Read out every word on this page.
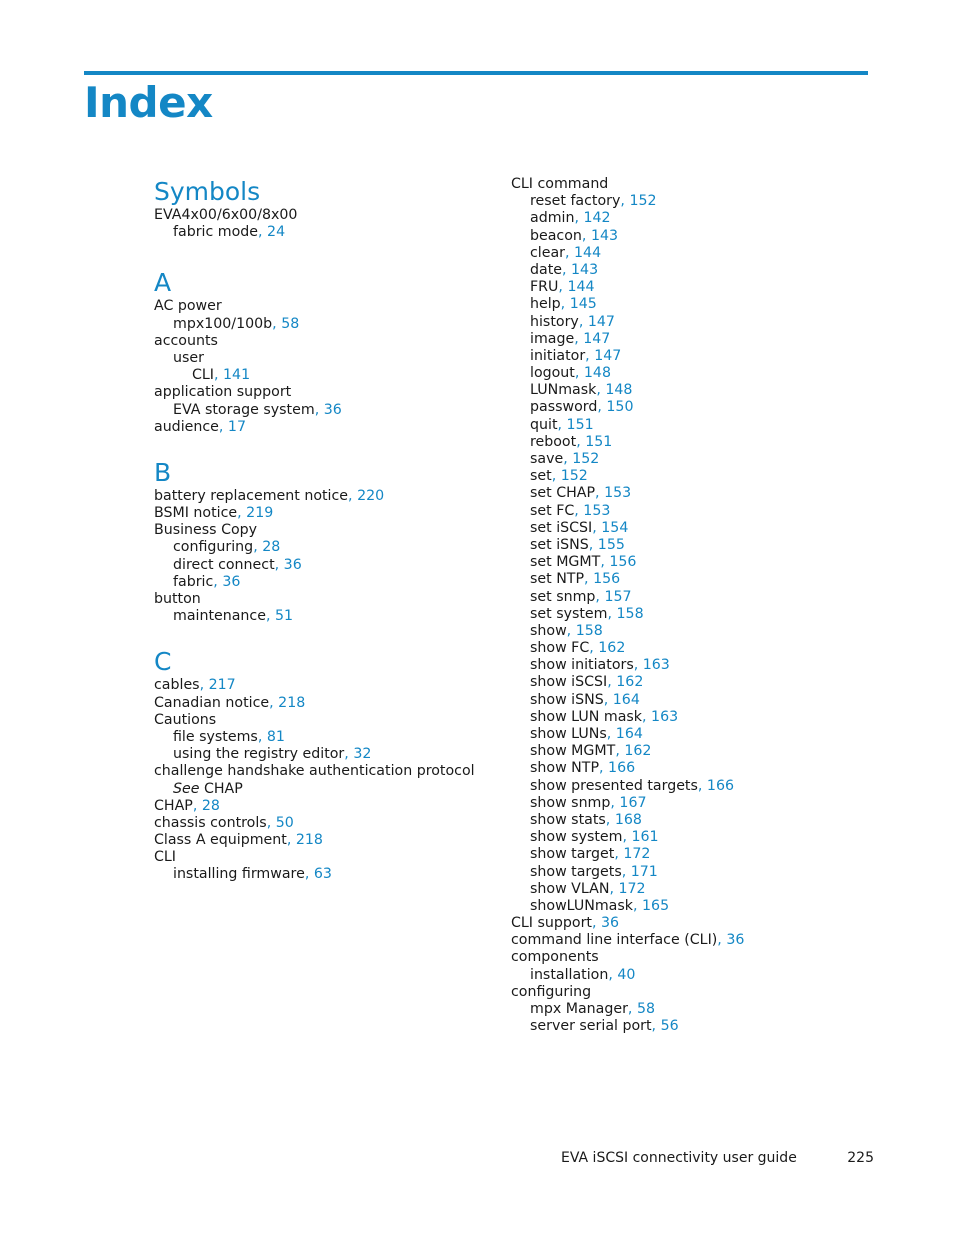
Index
Symbols
EVA4x00/6x00/8x00
fabric mode, 24
A
AC power
mpx100/100b, 58
accounts
user
CLI, 141
application support
EVA storage system, 36
audience, 17
B
battery replacement notice, 220
BSMI notice, 219
Business Copy
configuring, 28
direct connect, 36
fabric, 36
button
maintenance, 51
C
cables, 217
Canadian notice, 218
Cautions
file systems, 81
using the registry editor, 32
challenge handshake authentication protocol
See CHAP
CHAP, 28
chassis controls, 50
Class A equipment, 218
CLI
installing firmware, 63
CLI command
reset factory, 152
admin, 142
beacon, 143
clear, 144
date, 143
FRU, 144
help, 145
history, 147
image, 147
initiator, 147
logout, 148
LUNmask, 148
password, 150
quit, 151
reboot, 151
save, 152
set, 152
set CHAP, 153
set FC, 153
set iSCSI, 154
set iSNS, 155
set MGMT, 156
set NTP, 156
set snmp, 157
set system, 158
show, 158
show FC, 162
show initiators, 163
show iSCSI, 162
show iSNS, 164
show LUN mask, 163
show LUNs, 164
show MGMT, 162
show NTP, 166
show presented targets, 166
show snmp, 167
show stats, 168
show system, 161
show target, 172
show targets, 171
show VLAN, 172
showLUNmask, 165
CLI support, 36
command line interface (CLI), 36
components
installation, 40
configuring
mpx Manager, 58
server serial port, 56
EVA iSCSI connectivity user guide	225
